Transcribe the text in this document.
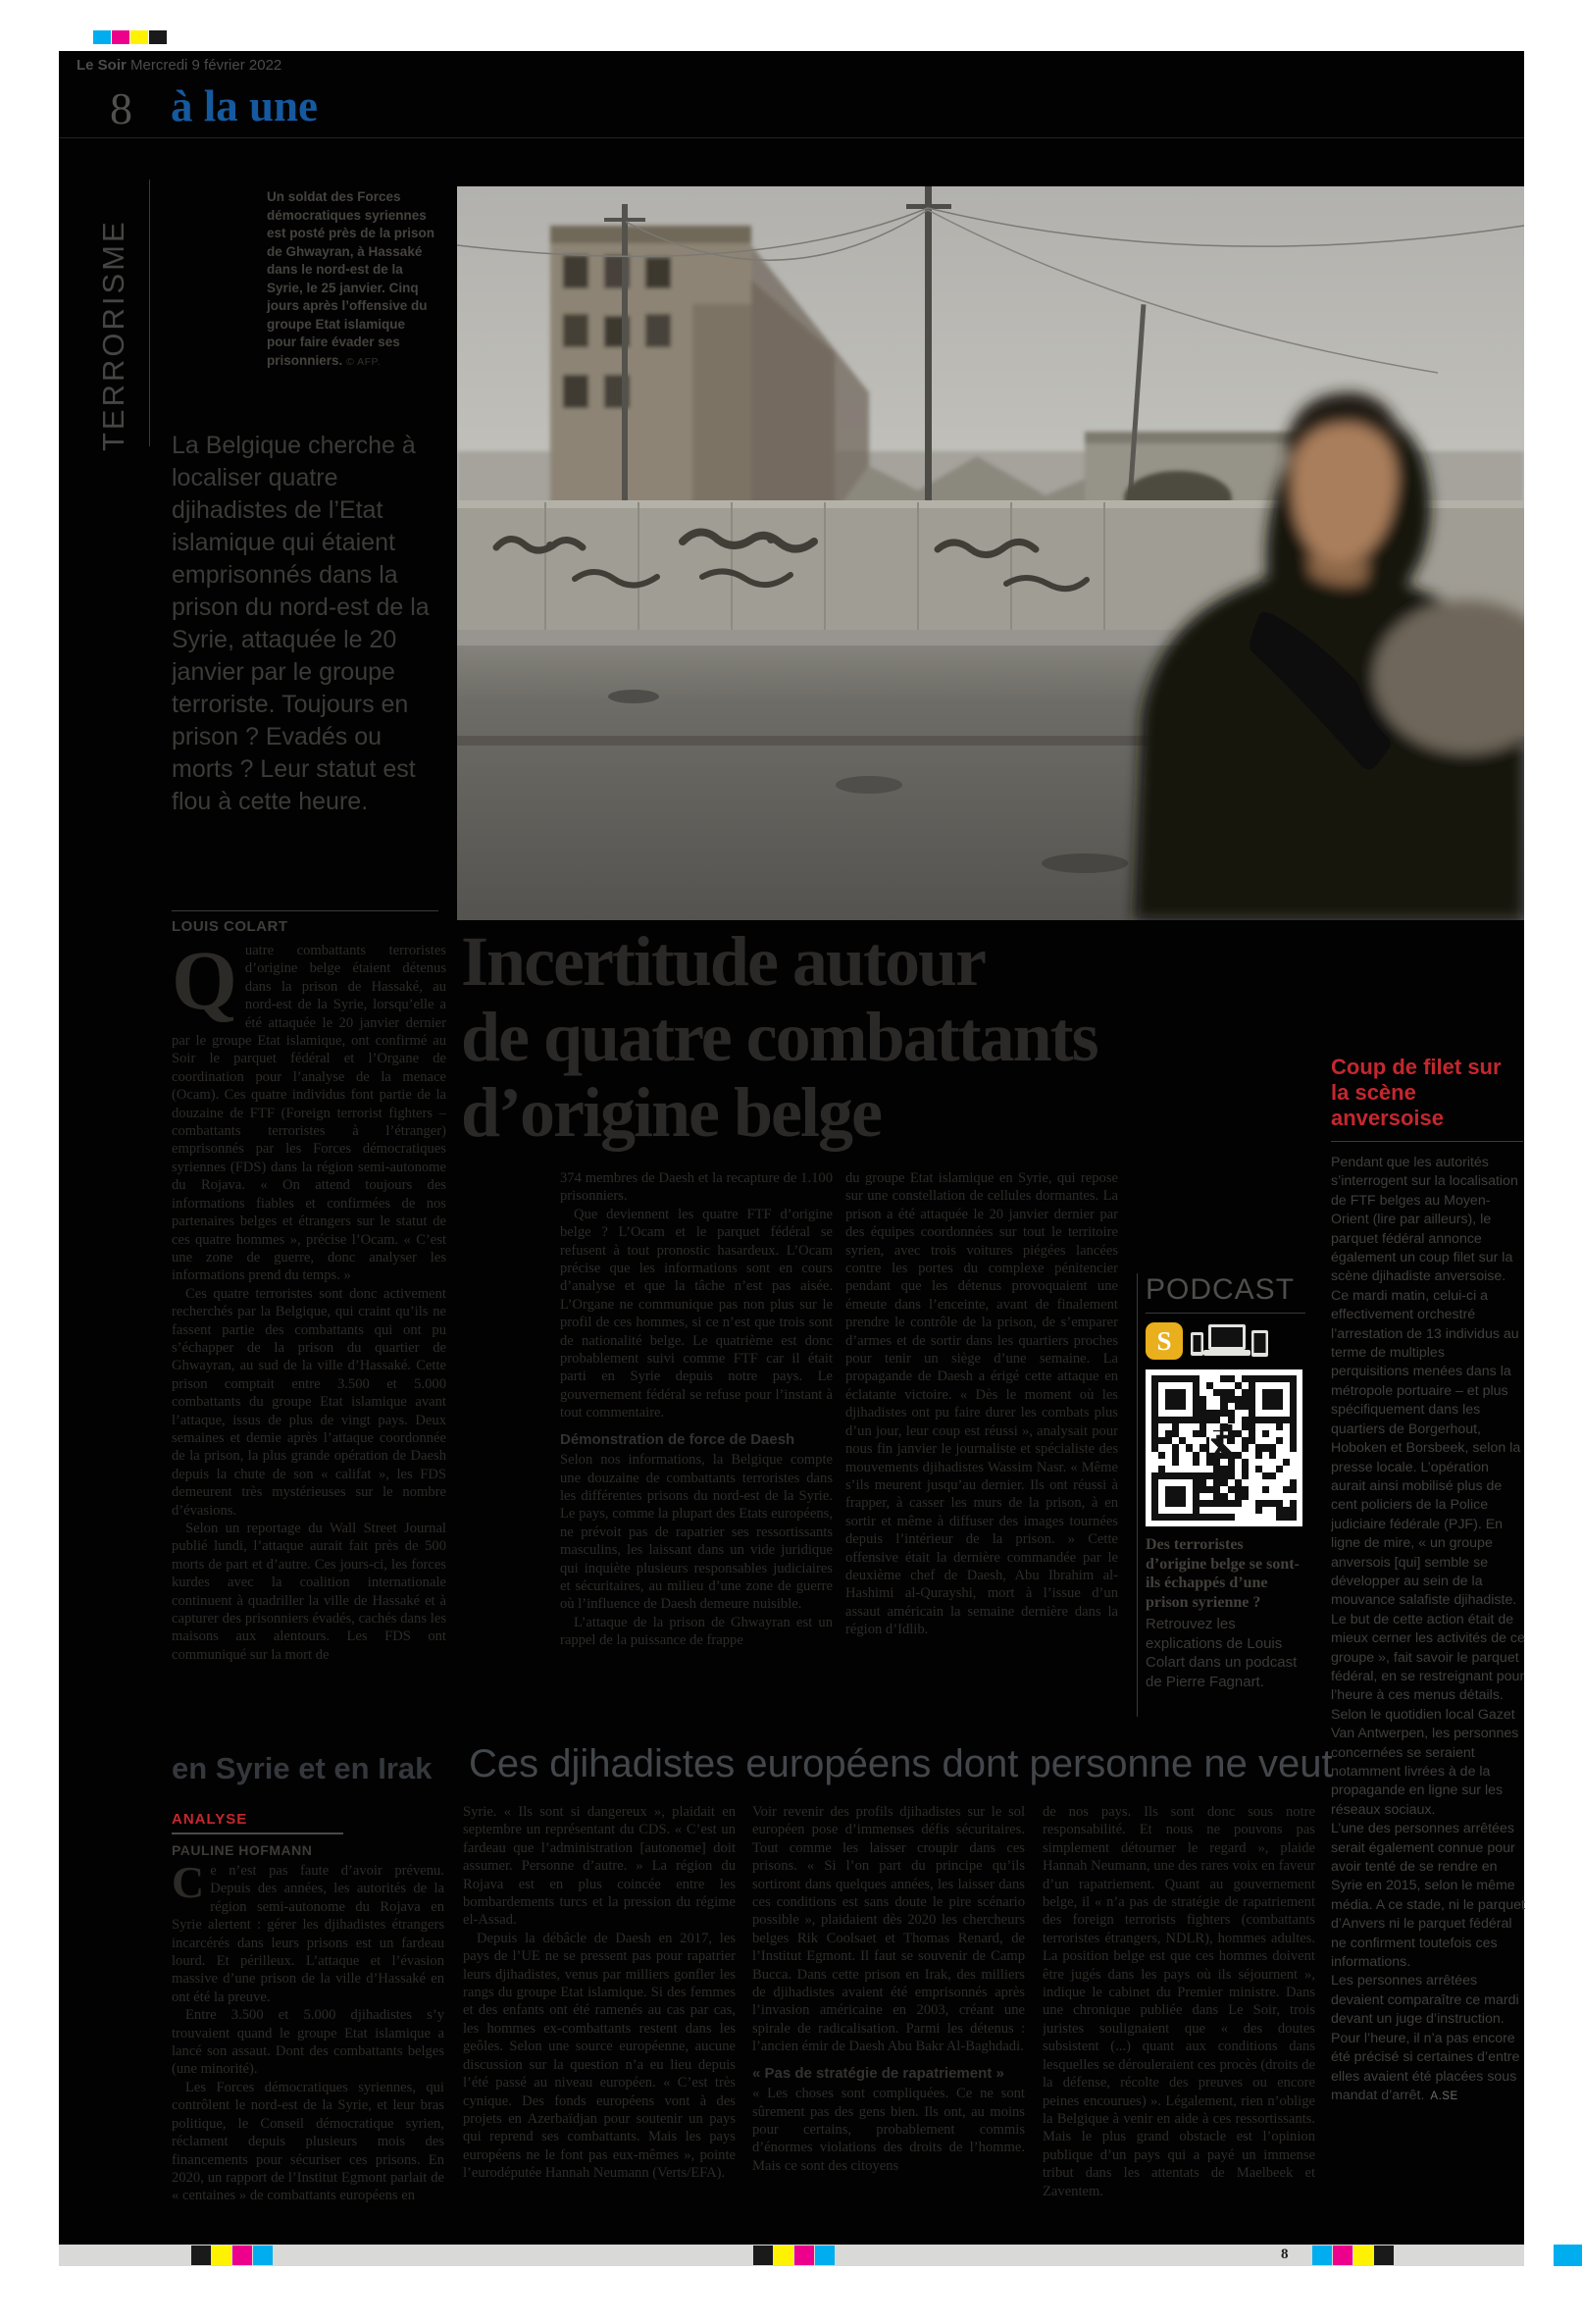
Le Soir Mercredi 9 février 2022
8 à la une
TERRORISME
Un soldat des Forces démocratiques syriennes est posté près de la prison de Ghwayran, à Hassaké dans le nord-est de la Syrie, le 25 janvier. Cinq jours après l’offensive du groupe Etat islamique pour faire évader ses prisonniers. © AFP.
La Belgique cherche à localiser quatre djihadistes de l’Etat islamique qui étaient emprisonnés dans la prison du nord-est de la Syrie, attaquée le 20 janvier par le groupe terroriste. Toujours en prison ? Evadés ou morts ? Leur statut est flou à cette heure.
LOUIS COLART Incertitude autour
de quatre combattants
d’origine belge

Quatre combattants terroristes d’origine belge étaient détenus dans la prison de Hassaké, au nord-est de la Syrie, lorsqu’elle a été attaquée le 20 janvier dernier par le groupe Etat islamique, ont confirmé au Soir le parquet fédéral et l’Organe de coordination pour l’analyse de la menace (Ocam). Ces quatre individus font partie de la douzaine de FTF (Foreign terrorist fighters – combattants terroristes à l’étranger) emprisonnés par les Forces démocratiques syriennes (FDS) dans la région semi-autonome du Rojava. « On attend toujours des informations fiables et confirmées de nos partenaires belges et étrangers sur le statut de ces quatre hommes », précise l’Ocam. « C’est une zone de guerre, donc analyser les informations prend du temps. »

Ces quatre terroristes sont donc activement recherchés par la Belgique, qui craint qu’ils ne fassent partie des combattants qui ont pu s’échapper de la prison du quartier de Ghwayran, au sud de la ville d’Hassaké. Cette prison comptait entre 3.500 et 5.000 combattants du groupe Etat islamique avant l’attaque, issus de plus de vingt pays. Deux semaines et demie après l’attaque coordonnée de la prison, la plus grande opération de Daesh depuis la chute de son « califat », les FDS demeurent très mystérieuses sur le nombre d’évasions.

Selon un reportage du Wall Street Journal publié lundi, l’attaque aurait fait près de 500 morts de part et d’autre. Ces jours-ci, les forces kurdes avec la coalition internationale continuent à quadriller la ville de Hassaké et à capturer des prisonniers évadés, cachés dans les maisons aux alentours. Les FDS ont communiqué sur la mort de

374 membres de Daesh et la recapture de 1.100 prisonniers.

Que deviennent les quatre FTF d’origine belge ? L’Ocam et le parquet fédéral se refusent à tout pronostic hasardeux. L’Ocam précise que les informations sont en cours d’analyse et que la tâche n’est pas aisée. L’Organe ne communique pas non plus sur le profil de ces hommes, si ce n’est que trois sont de nationalité belge. Le quatrième est donc probablement suivi comme FTF car il était parti en Syrie depuis notre pays. Le gouvernement fédéral se refuse pour l’instant à tout commentaire.

Démonstration de force de Daesh

Selon nos informations, la Belgique compte une douzaine de combattants terroristes dans les différentes prisons du nord-est de la Syrie. Le pays, comme la plupart des Etats européens, ne prévoit pas de rapatrier ses ressortissants masculins, les laissant dans un vide juridique qui inquiète plusieurs responsables judiciaires et sécuritaires, au milieu d’une zone de guerre où l’influence de Daesh demeure nuisible.

L’attaque de la prison de Ghwayran est un rappel de la puissance de frappe

du groupe Etat islamique en Syrie, qui repose sur une constellation de cellules dormantes. La prison a été attaquée le 20 janvier dernier par des équipes coordonnées sur tout le territoire syrien, avec trois voitures piégées lancées contre les portes du complexe pénitencier pendant que les détenus provoquaient une émeute dans l’enceinte, avant de finalement prendre le contrôle de la prison, de s’emparer d’armes et de sortir dans les quartiers proches pour tenir un siège d’une semaine. La propagande de Daesh a érigé cette attaque en éclatante victoire. « Dès le moment où les djihadistes ont pu faire durer les combats plus d’un jour, leur coup est réussi », analysait pour nous fin janvier le journaliste et spécialiste des mouvements djihadistes Wassim Nasr. « Même s’ils meurent jusqu’au dernier. Ils ont réussi à frapper, à casser les murs de la prison, à en sortir et même à diffuser des images tournées depuis l’intérieur de la prison. » Cette offensive était la dernière commandée par le deuxième chef de Daesh, Abu Ibrahim al-Hashimi al-Qurayshi, mort à l’issue d’un assaut américain la semaine dernière dans la région d’Idlib.

PODCAST
S
Des terroristes d’origine belge se sont-ils échappés d’une prison syrienne ?
Retrouvez les explications de Louis Colart dans un podcast de Pierre Fagnart.
Coup de filet sur la scène anversoise

Pendant que les autorités s’interrogent sur la localisation de FTF belges au Moyen-Orient (lire par ailleurs), le parquet fédéral annonce également un coup filet sur la scène djihadiste anversoise. Ce mardi matin, celui-ci a effectivement orchestré l’arrestation de 13 individus au terme de multiples perquisitions menées dans la métropole portuaire – et plus spécifiquement dans les quartiers de Borgerhout, Hoboken et Borsbeek, selon la presse locale. L’opération aurait ainsi mobilisé plus de cent policiers de la Police judiciaire fédérale (PJF). En ligne de mire, « un groupe anversois [qui] semble se développer au sein de la mouvance salafiste djihadiste. Le but de cette action était de mieux cerner les activités de ce groupe », fait savoir le parquet fédéral, en se restreignant pour l’heure à ces menus détails. Selon le quotidien local Gazet Van Antwerpen, les personnes concernées se seraient notamment livrées à de la propagande en ligne sur les réseaux sociaux.

L’une des personnes arrêtées serait également connue pour avoir tenté de se rendre en Syrie en 2015, selon le même média. A ce stade, ni le parquet d’Anvers ni le parquet fédéral ne confirment toutefois ces informations.

Les personnes arrêtées devaient comparaître ce mardi devant un juge d’instruction. Pour l’heure, il n’a pas encore été précisé si certaines d’entre elles avaient été placées sous mandat d’arrêt. A.SE

en Syrie et en Irak Ces djihadistes européens dont personne ne veut
ANALYSE
PAULINE HOFMANN

Ce n’est pas faute d’avoir prévenu. Depuis des années, les autorités de la région semi-autonome du Rojava en Syrie alertent : gérer les djihadistes étrangers incarcérés dans leurs prisons est un fardeau lourd. Et périlleux. L’attaque et l’évasion massive d’une prison de la ville d’Hassaké en ont été la preuve.

Entre 3.500 et 5.000 djihadistes s’y trouvaient quand le groupe Etat islamique a lancé son assaut. Dont des combattants belges (une minorité).

Les Forces démocratiques syriennes, qui contrôlent le nord-est de la Syrie, et leur bras politique, le Conseil démocratique syrien, réclament depuis plusieurs mois des financements pour sécuriser ces prisons. En 2020, un rapport de l’Institut Egmont parlait de « centaines » de combattants européens en

Syrie. « Ils sont si dangereux », plaidait en septembre un représentant du CDS. « C’est un fardeau que l’administration [autonome] doit assumer. Personne d’autre. » La région du Rojava est en plus coincée entre les bombardements turcs et la pression du régime el-Assad.

Depuis la débâcle de Daesh en 2017, les pays de l’UE ne se pressent pas pour rapatrier leurs djihadistes, venus par milliers gonfler les rangs du groupe Etat islamique. Si des femmes et des enfants ont été ramenés au cas par cas, les hommes ex-combattants restent dans les geôles. Selon une source européenne, aucune discussion sur la question n’a eu lieu depuis l’été passé au niveau européen. « C’est très cynique. Des fonds européens vont à des projets en Azerbaïdjan pour soutenir un pays qui reprend ses combattants. Mais les pays européens ne le font pas eux-mêmes », pointe l’eurodéputée Hannah Neumann (Verts/EFA).

Voir revenir des profils djihadistes sur le sol européen pose d’immenses défis sécuritaires. Tout comme les laisser croupir dans ces prisons. « Si l’on part du principe qu’ils sortiront dans quelques années, les laisser dans ces conditions est sans doute le pire scénario possible », plaidaient dès 2020 les chercheurs belges Rik Coolsaet et Thomas Renard, de l’Institut Egmont. Il faut se souvenir de Camp Bucca. Dans cette prison en Irak, des milliers de djihadistes avaient été emprisonnés après l’invasion américaine en 2003, créant une spirale de radicalisation. Parmi les détenus : l’ancien émir de Daesh Abu Bakr Al-Baghdadi.

« Pas de stratégie de rapatriement »

« Les choses sont compliquées. Ce ne sont sûrement pas des gens bien. Ils ont, au moins pour certains, probablement commis d’énormes violations des droits de l’homme. Mais ce sont des citoyens

de nos pays. Ils sont donc sous notre responsabilité. Et nous ne pouvons pas simplement détourner le regard », plaide Hannah Neumann, une des rares voix en faveur d’un rapatriement. Quant au gouvernement belge, il « n’a pas de stratégie de rapatriement des foreign terrorists fighters (combattants terroristes étrangers, NDLR), hommes adultes. La position belge est que ces hommes doivent être jugés dans les pays où ils séjournent », indique le cabinet du Premier ministre. Dans une chronique publiée dans Le Soir, trois juristes soulignaient que « des doutes subsistent (...) quant aux conditions dans lesquelles se dérouleraient ces procès (droits de la défense, récolte des preuves ou encore peines encourues) ». Légalement, rien n’oblige la Belgique à venir en aide à ces ressortissants. Mais le plus grand obstacle est l’opinion publique d’un pays qui a payé un immense tribut dans les attentats de Maelbeek et Zaventem.

8
